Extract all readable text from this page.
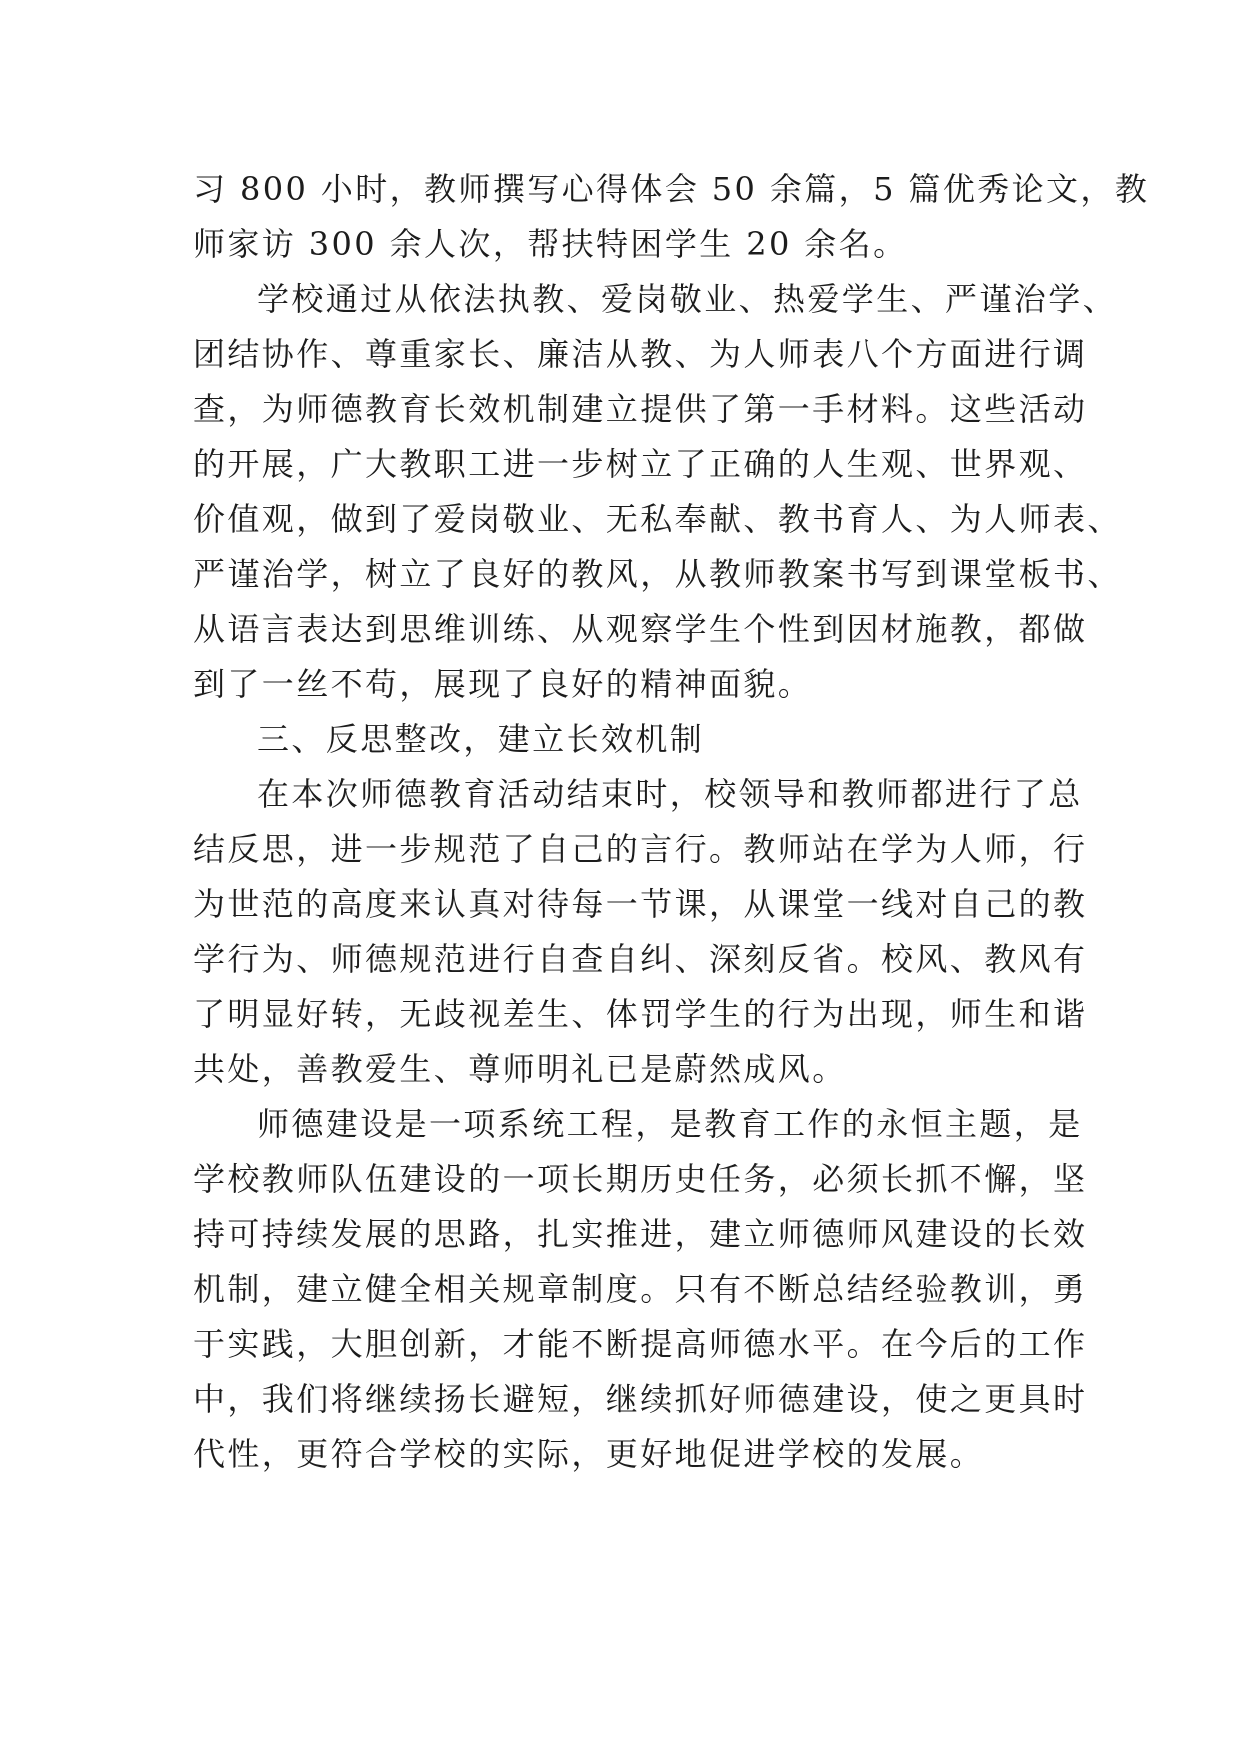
习 800 小时，教师撰写心得体会 50 余篇，5 篇优秀论文，教
师家访 300 余人次，帮扶特困学生 20 余名。
学校通过从依法执教、爱岗敬业、热爱学生、严谨治学、
团结协作、尊重家长、廉洁从教、为人师表八个方面进行调
查，为师德教育长效机制建立提供了第一手材料。这些活动
的开展，广大教职工进一步树立了正确的人生观、世界观、
价值观，做到了爱岗敬业、无私奉献、教书育人、为人师表、
严谨治学，树立了良好的教风，从教师教案书写到课堂板书、
从语言表达到思维训练、从观察学生个性到因材施教，都做
到了一丝不苟，展现了良好的精神面貌。
三、反思整改，建立长效机制
在本次师德教育活动结束时，校领导和教师都进行了总
结反思，进一步规范了自己的言行。教师站在学为人师，行
为世范的高度来认真对待每一节课，从课堂一线对自己的教
学行为、师德规范进行自查自纠、深刻反省。校风、教风有
了明显好转，无歧视差生、体罚学生的行为出现，师生和谐
共处，善教爱生、尊师明礼已是蔚然成风。
师德建设是一项系统工程，是教育工作的永恒主题，是
学校教师队伍建设的一项长期历史任务，必须长抓不懈，坚
持可持续发展的思路，扎实推进，建立师德师风建设的长效
机制，建立健全相关规章制度。只有不断总结经验教训，勇
于实践，大胆创新，才能不断提高师德水平。在今后的工作
中，我们将继续扬长避短，继续抓好师德建设，使之更具时
代性，更符合学校的实际，更好地促进学校的发展。
